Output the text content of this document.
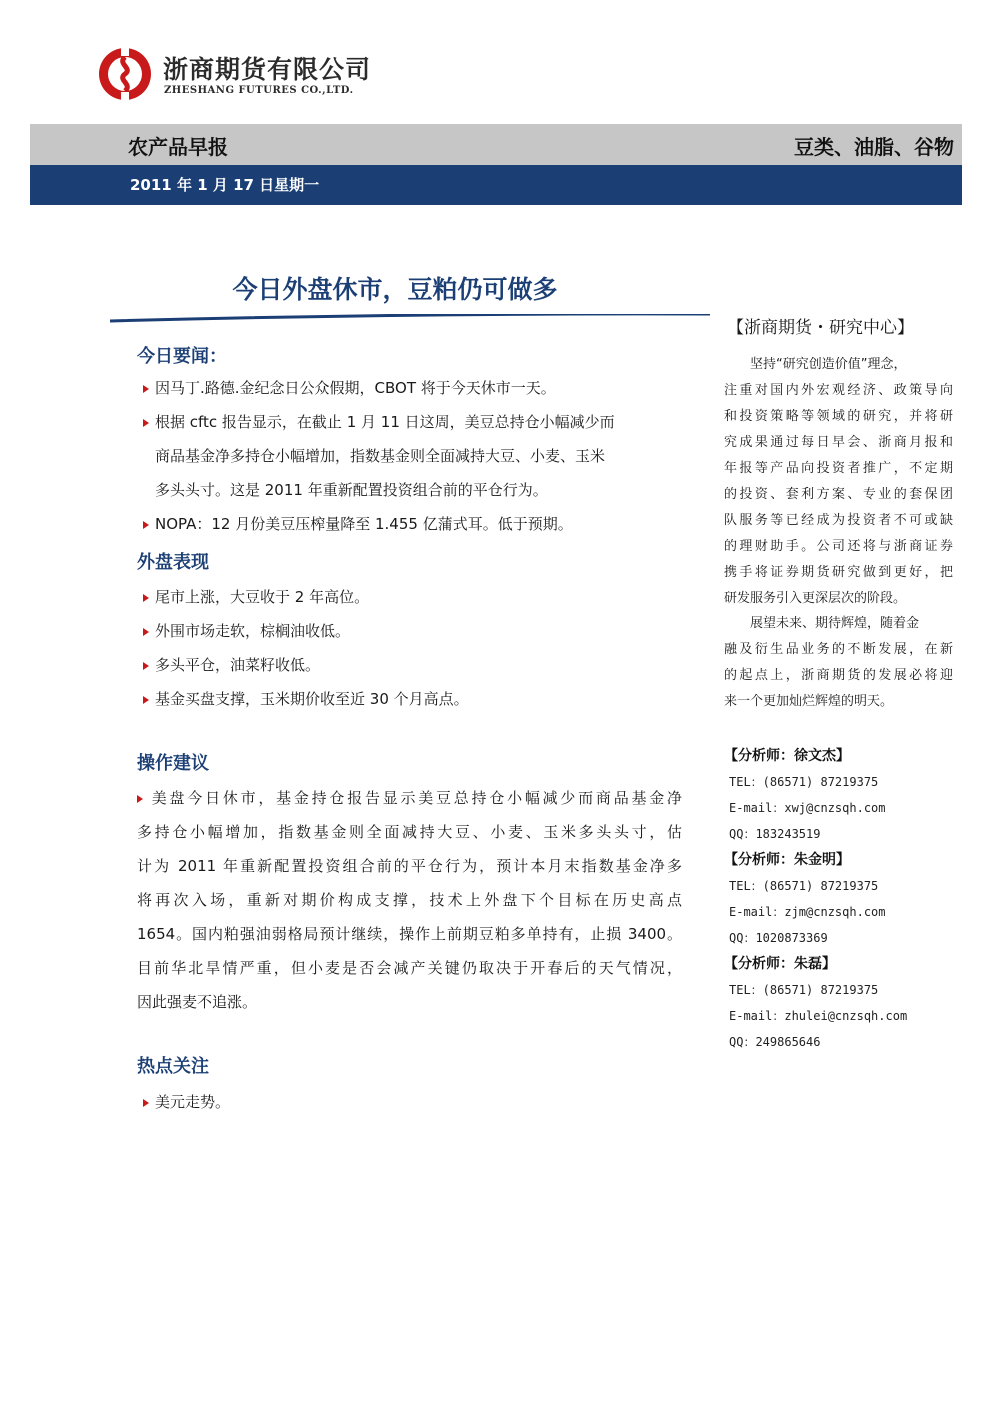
浙商期货有限公司
ZHESHANG FUTURES CO.,LTD.
农产品早报	豆类、油脂、谷物
2011 年 1 月 17 日星期一
今日外盘休市，豆粕仍可做多
今日要闻：
因马丁.路德.金纪念日公众假期，CBOT 将于今天休市一天。
根据 cftc 报告显示，在截止 1 月 11 日这周，美豆总持仓小幅减少而
商品基金净多持仓小幅增加，指数基金则全面减持大豆、小麦、玉米
多头头寸。这是 2011 年重新配置投资组合前的平仓行为。
NOPA：12 月份美豆压榨量降至 1.455 亿蒲式耳。低于预期。
外盘表现
尾市上涨，大豆收于 2 年高位。
外围市场走软，棕榈油收低。
多头平仓，油菜籽收低。
基金买盘支撑，玉米期价收至近 30 个月高点。
操作建议
美盘今日休市，基金持仓报告显示美豆总持仓小幅减少而商品基金净
多持仓小幅增加，指数基金则全面减持大豆、小麦、玉米多头头寸，估
计为 2011 年重新配置投资组合前的平仓行为，预计本月末指数基金净多
将再次入场，重新对期价构成支撑，技术上外盘下个目标在历史高点
1654。国内粕强油弱格局预计继续，操作上前期豆粕多单持有，止损 3400。
目前华北旱情严重，但小麦是否会减产关键仍取决于开春后的天气情况，
因此强麦不追涨。
热点关注
美元走势。
【浙商期货・研究中心】
　　坚持“研究创造价值”理念，
注重对国内外宏观经济、政策导向
和投资策略等领域的研究，并将研
究成果通过每日早会、浙商月报和
年报等产品向投资者推广，不定期
的投资、套利方案、专业的套保团
队服务等已经成为投资者不可或缺
的理财助手。公司还将与浙商证券
携手将证券期货研究做到更好，把
研发服务引入更深层次的阶段。
　　展望未来、期待辉煌，随着金
融及衍生品业务的不断发展，在新
的起点上，浙商期货的发展必将迎
来一个更加灿烂辉煌的明天。
【分析师：徐文杰】
TEL：(86571) 87219375
E-mail：xwj@cnzsqh.com
QQ：183243519
【分析师：朱金明】
TEL：(86571) 87219375
E-mail：zjm@cnzsqh.com
QQ：1020873369
【分析师：朱磊】
TEL：(86571) 87219375
E-mail：zhulei@cnzsqh.com
QQ：249865646
